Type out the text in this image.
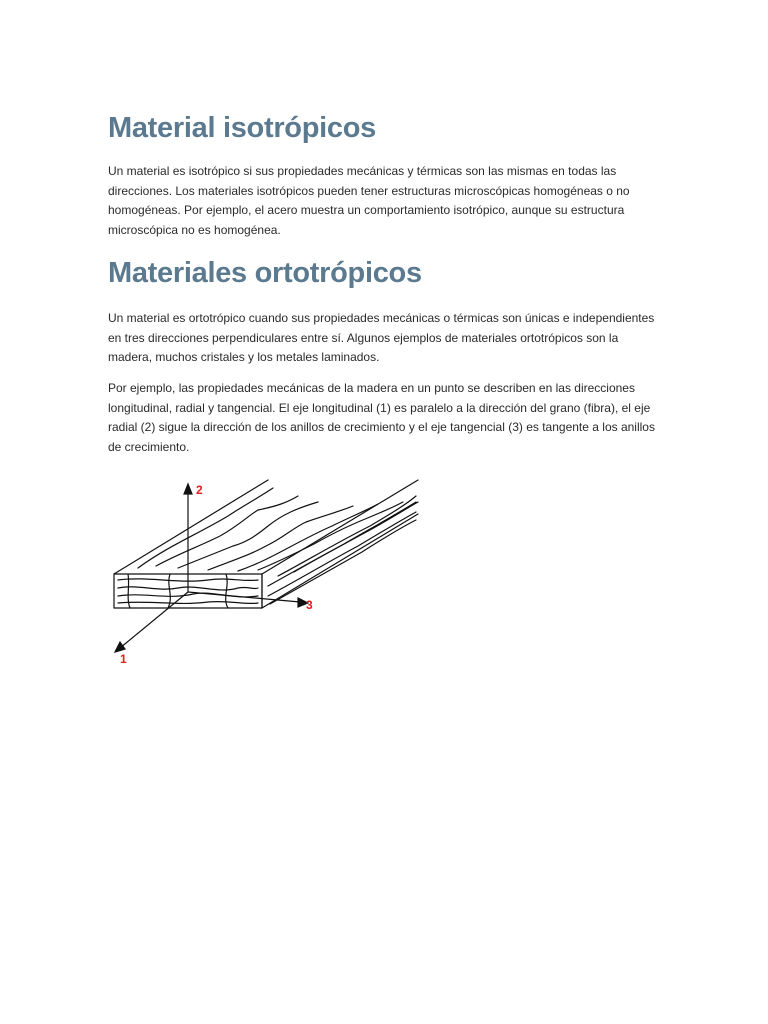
Material isotrópicos

Un material es isotrópico si sus propiedades mecánicas y térmicas son las mismas en todas las direcciones. Los materiales isotrópicos pueden tener estructuras microscópicas homogéneas o no homogéneas. Por ejemplo, el acero muestra un comportamiento isotrópico, aunque su estructura microscópica no es homogénea.

Materiales ortotrópicos

Un material es ortotrópico cuando sus propiedades mecánicas o térmicas son únicas e independientes en tres direcciones perpendiculares entre sí. Algunos ejemplos de materiales ortotrópicos son la madera, muchos cristales y los metales laminados.

Por ejemplo, las propiedades mecánicas de la madera en un punto se describen en las direcciones longitudinal, radial y tangencial. El eje longitudinal (1) es paralelo a la dirección del grano (fibra), el eje radial (2) sigue la dirección de los anillos de crecimiento y el eje tangencial (3) es tangente a los anillos de crecimiento.

2
3
1
